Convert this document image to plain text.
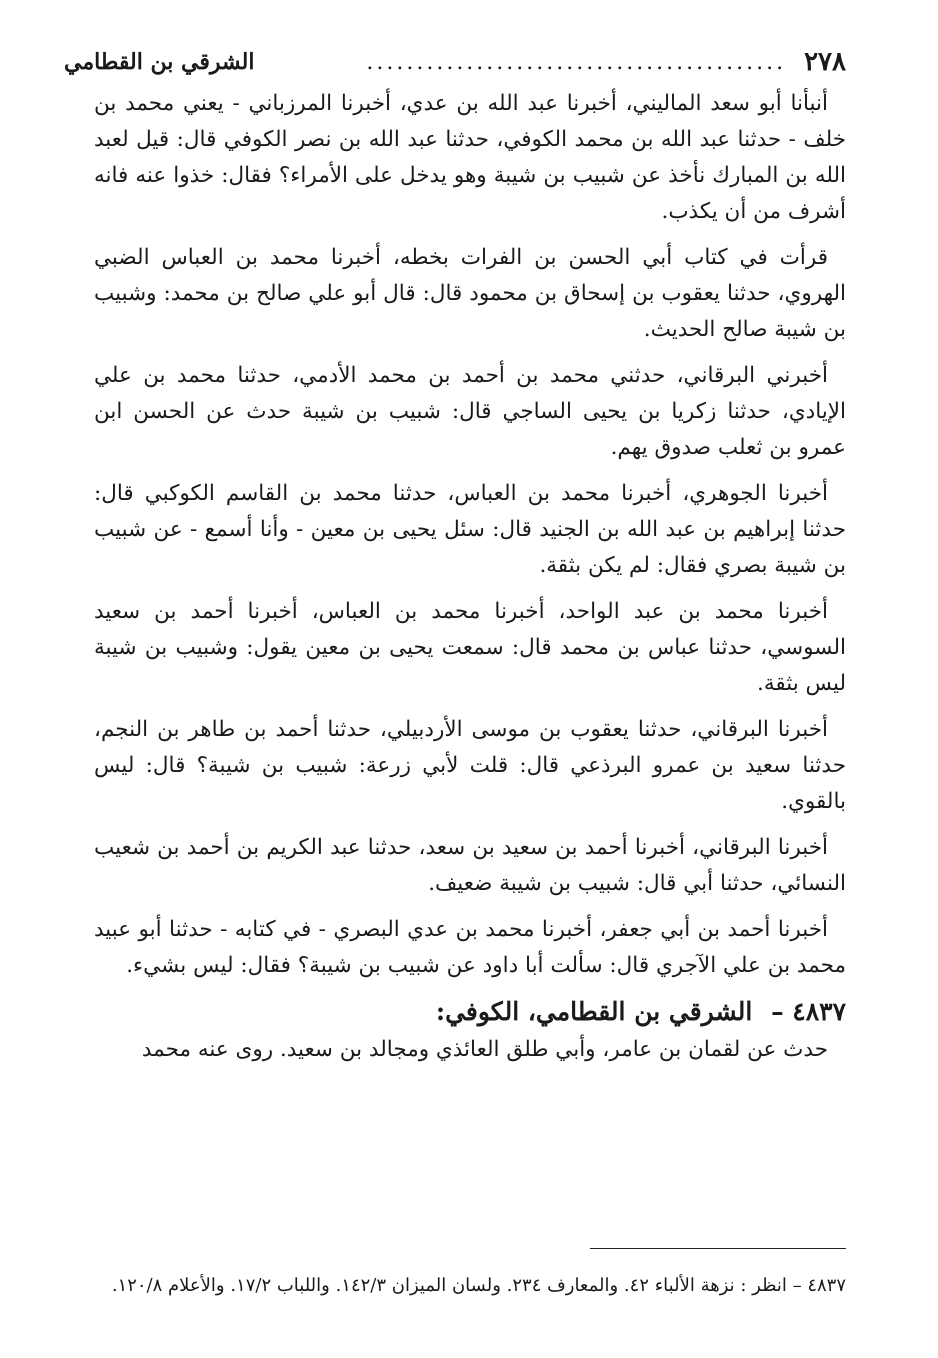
٢٧٨
..........................................
الشرقي بن القطامي

أنبأنا أبو سعد الماليني، أخبرنا عبد الله بن عدي، أخبرنا المرزباني - يعني محمد بن خلف - حدثنا عبد الله بن محمد الكوفي، حدثنا عبد الله بن نصر الكوفي قال: قيل لعبد الله بن المبارك نأخذ عن شبيب بن شيبة وهو يدخل على الأمراء؟ فقال: خذوا عنه فانه أشرف من أن يكذب.

قرأت في كتاب أبي الحسن بن الفرات بخطه، أخبرنا محمد بن العباس الضبي الهروي، حدثنا يعقوب بن إسحاق بن محمود قال: قال أبو علي صالح بن محمد: وشبيب بن شيبة صالح الحديث.

أخبرني البرقاني، حدثني محمد بن أحمد بن محمد الأدمي، حدثنا محمد بن علي الإيادي، حدثنا زكريا بن يحيى الساجي قال: شبيب بن شيبة حدث عن الحسن ابن عمرو بن ثعلب صدوق يهم.

أخبرنا الجوهري، أخبرنا محمد بن العباس، حدثنا محمد بن القاسم الكوكبي قال: حدثنا إبراهيم بن عبد الله بن الجنيد قال: سئل يحيى بن معين - وأنا أسمع - عن شبيب بن شيبة بصري فقال: لم يكن بثقة.

أخبرنا محمد بن عبد الواحد، أخبرنا محمد بن العباس، أخبرنا أحمد بن سعيد السوسي، حدثنا عباس بن محمد قال: سمعت يحيى بن معين يقول: وشبيب بن شيبة ليس بثقة.

أخبرنا البرقاني، حدثنا يعقوب بن موسى الأردبيلي، حدثنا أحمد بن طاهر بن النجم، حدثنا سعيد بن عمرو البرذعي قال: قلت لأبي زرعة: شبيب بن شيبة؟ قال: ليس بالقوي.

أخبرنا البرقاني، أخبرنا أحمد بن سعيد بن سعد، حدثنا عبد الكريم بن أحمد بن شعيب النسائي، حدثنا أبي قال: شبيب بن شيبة ضعيف.

أخبرنا أحمد بن أبي جعفر، أخبرنا محمد بن عدي البصري - في كتابه - حدثنا أبو عبيد محمد بن علي الآجري قال: سألت أبا داود عن شبيب بن شيبة؟ فقال: ليس بشيء.

٤٨٣٧ – الشرقي بن القطامي، الكوفي:

حدث عن لقمان بن عامر، وأبي طلق العائذي ومجالد بن سعيد. روى عنه محمد

٤٨٣٧ – انظر : نزهة الألباء ٤٢. والمعارف ٢٣٤. ولسان الميزان ١٤٢/٣. واللباب ١٧/٢. والأعلام ١٢٠/٨.
